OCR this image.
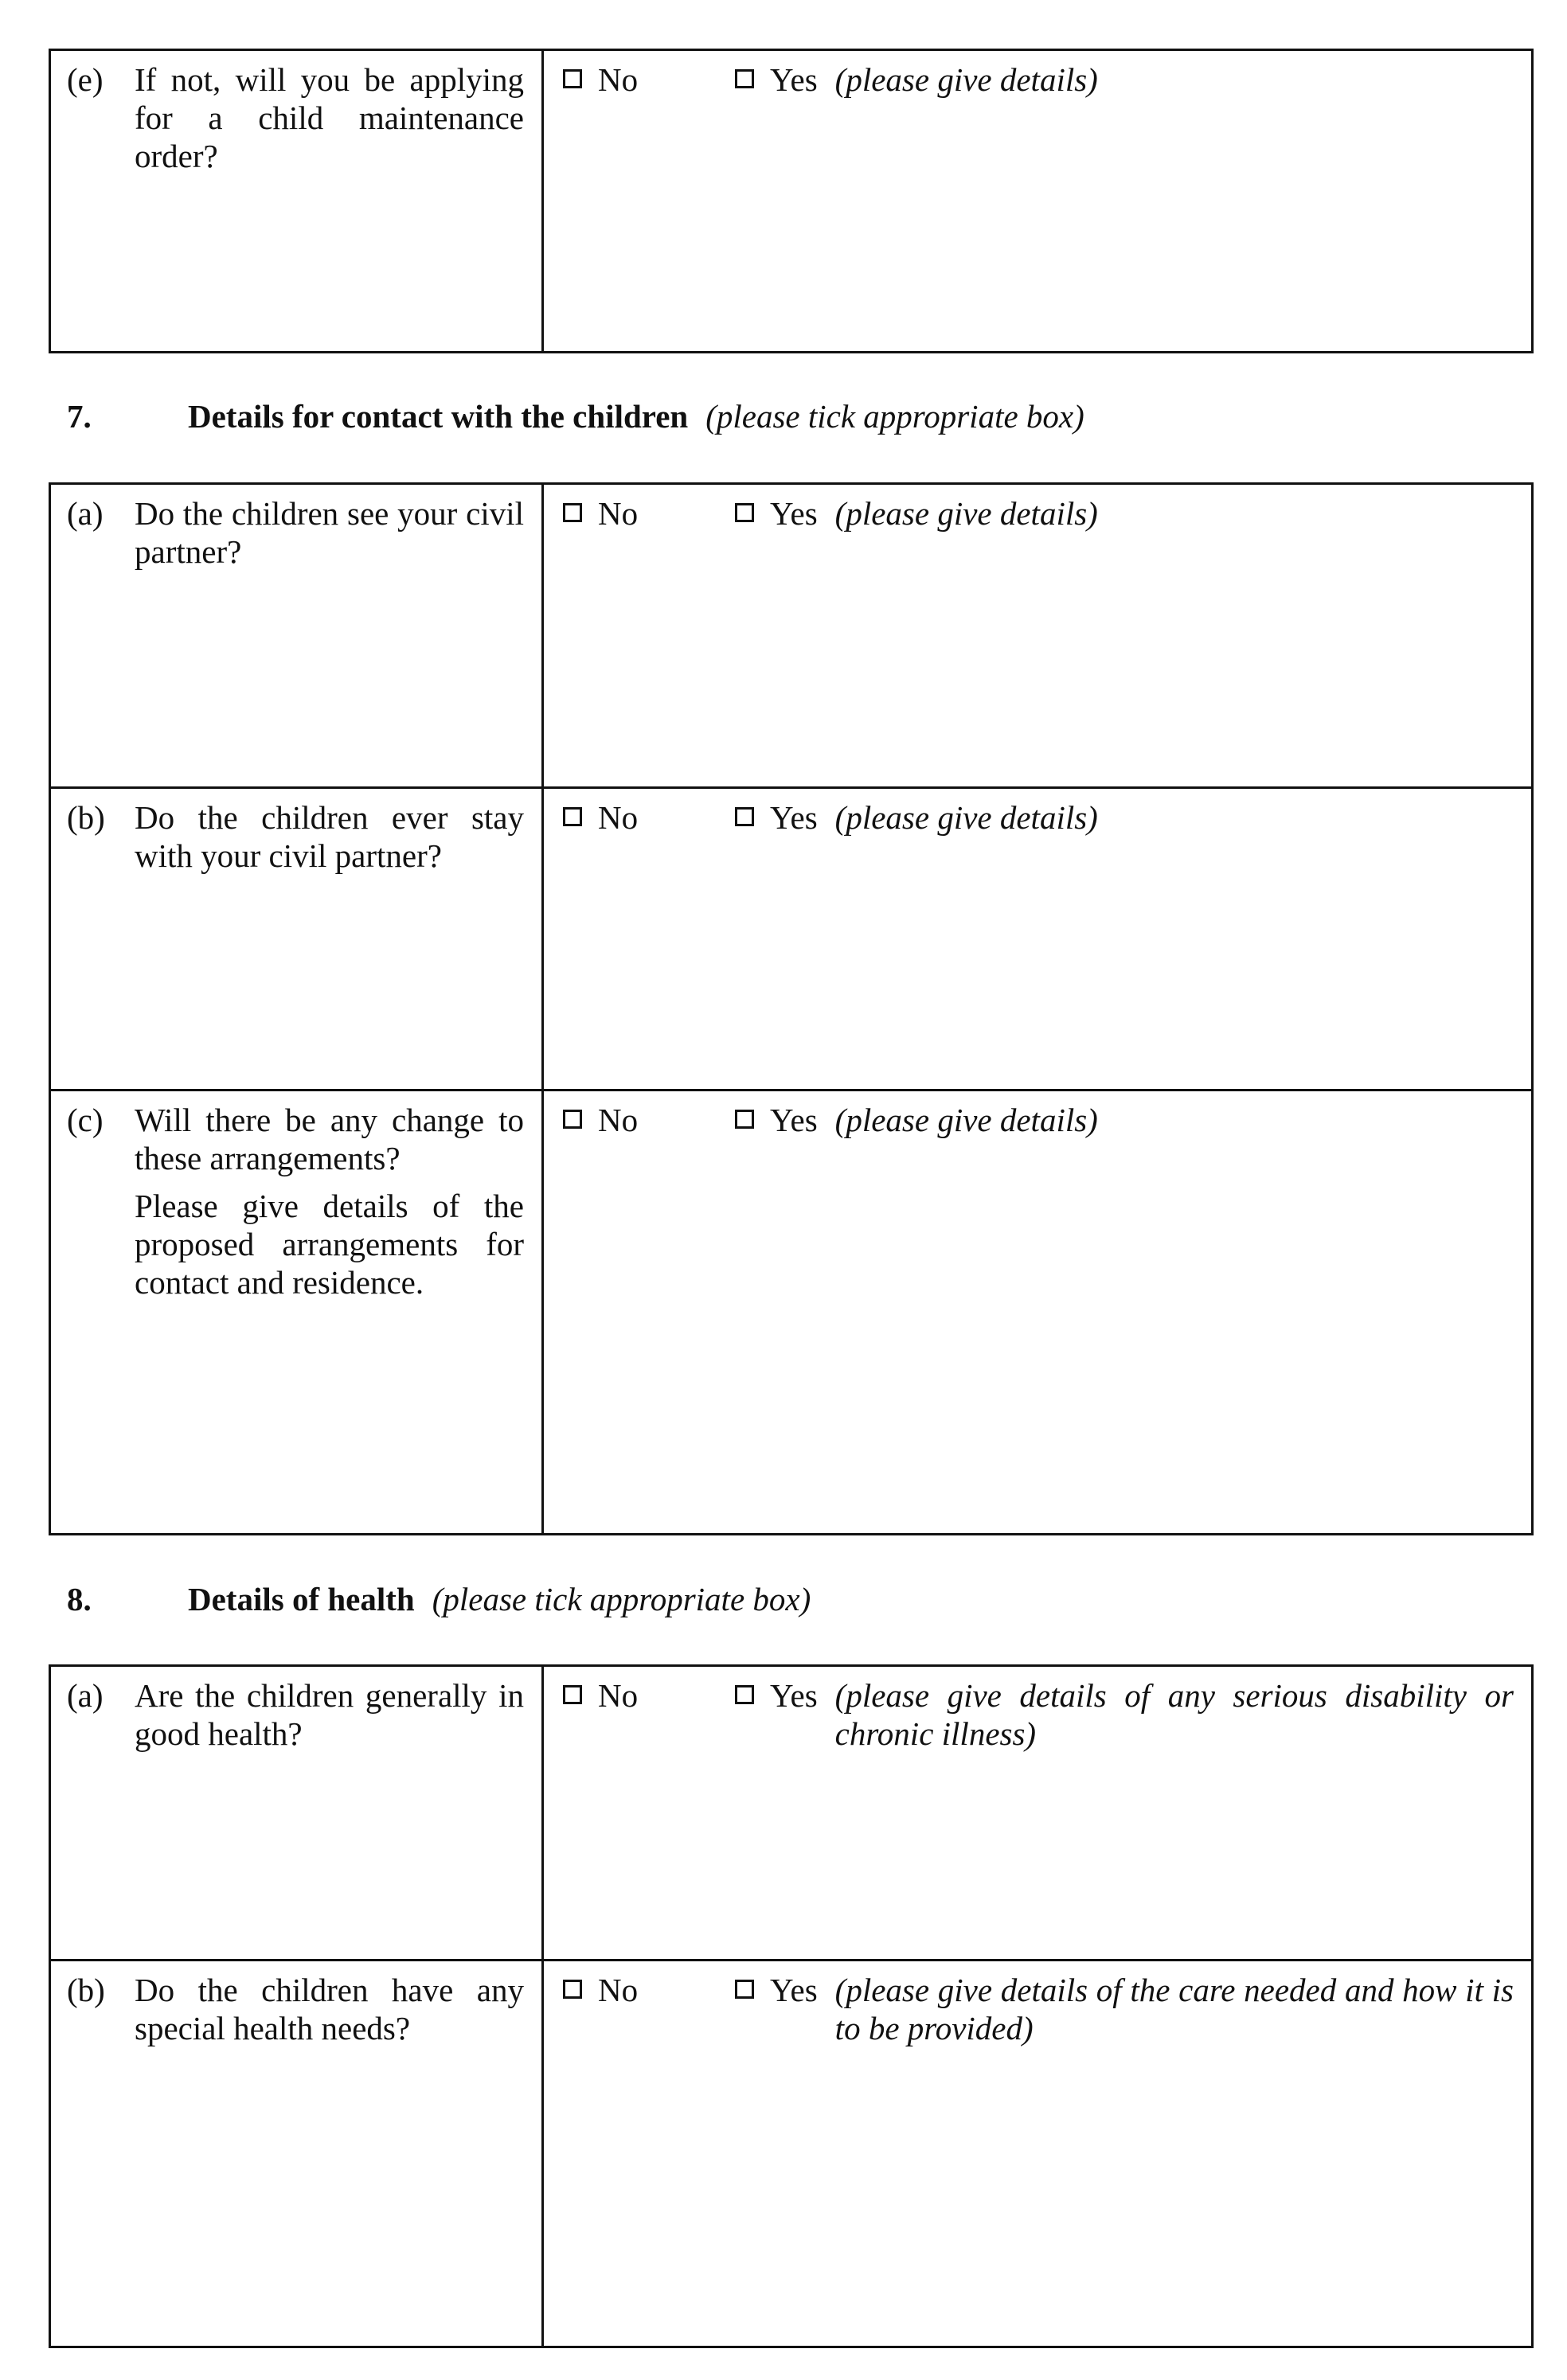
(e) If not, will you be applying for a child maintenance order?

No	Yes (please give details)
7.	Details for contact with the children (please tick appropriate box)
(a) Do the children see your civil partner?

No	Yes (please give details)
(b) Do the children ever stay with your civil partner?

No	Yes (please give details)
(c) Will there be any change to these arrangements?

Please give details of the proposed arrangements for contact and residence.

No	Yes (please give details)
8.	Details of health (please tick appropriate box)
(a) Are the children generally in good health?

No	Yes (please give details of any serious disability or chronic illness)
(b) Do the children have any special health needs?

No	Yes (please give details of the care needed and how it is to be provided)
